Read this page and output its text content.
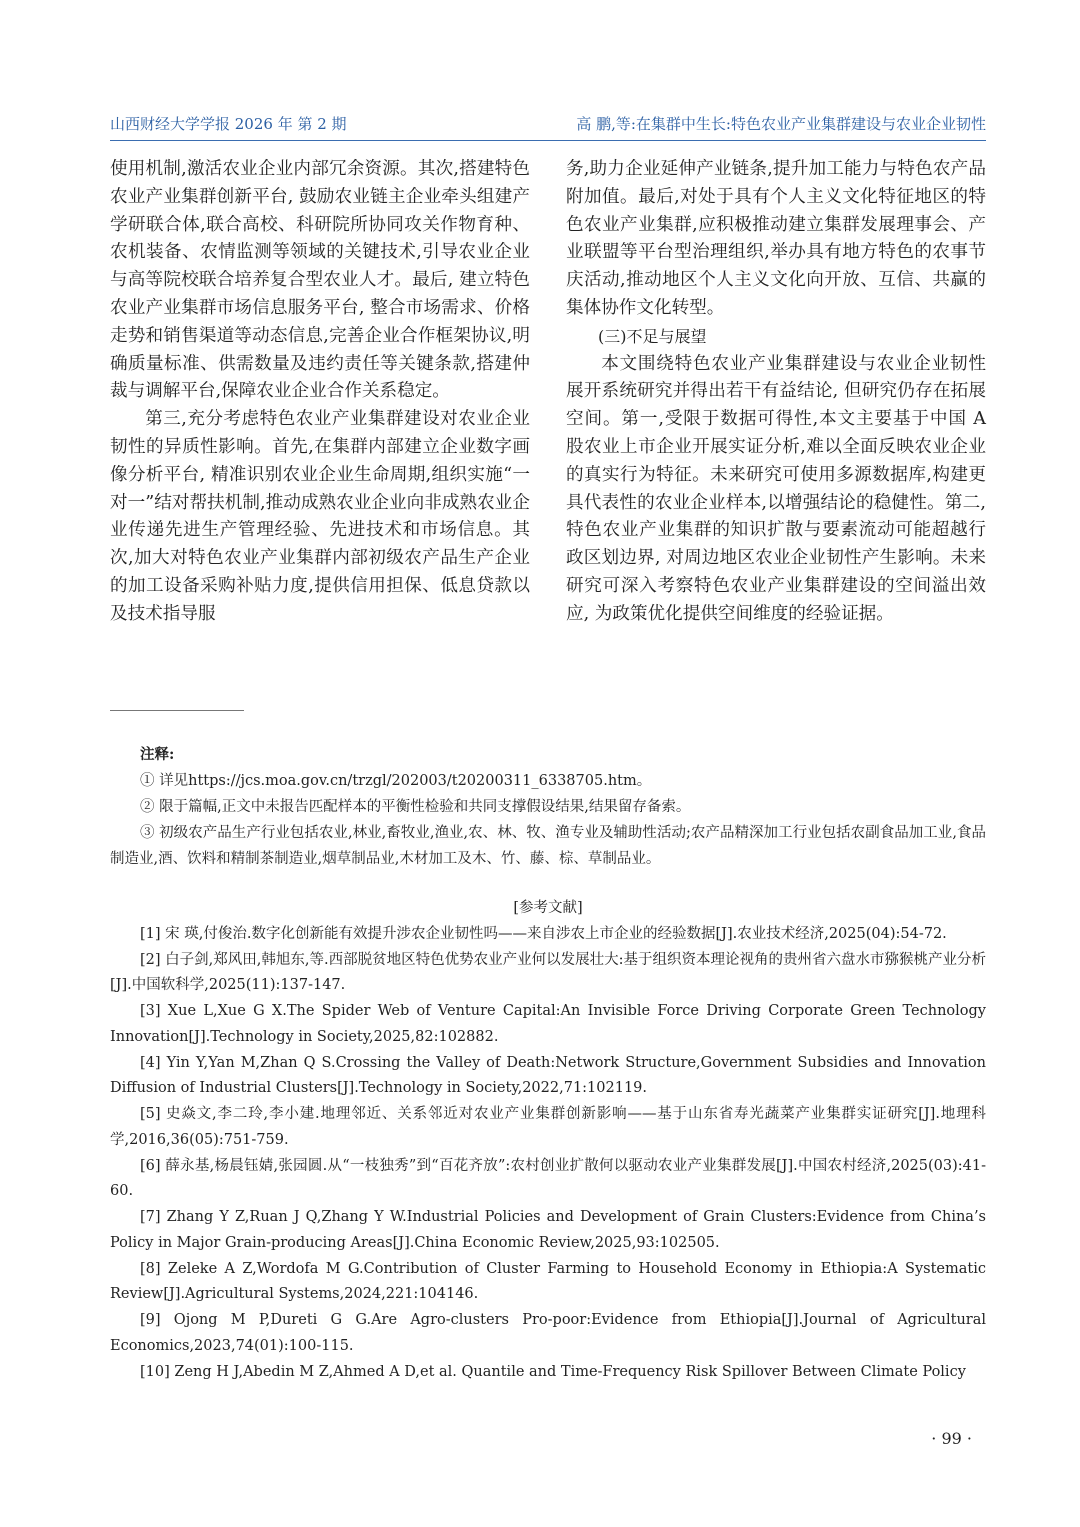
山西财经大学学报 2026 年 第 2 期	高 鹏,等:在集群中生长:特色农业产业集群建设与农业企业韧性

使用机制,激活农业企业内部冗余资源。其次,搭建特色农业产业集群创新平台, 鼓励农业链主企业牵头组建产学研联合体,联合高校、科研院所协同攻关作物育种、农机装备、农情监测等领域的关键技术,引导农业企业与高等院校联合培养复合型农业人才。最后, 建立特色农业产业集群市场信息服务平台, 整合市场需求、价格走势和销售渠道等动态信息,完善企业合作框架协议,明确质量标准、供需数量及违约责任等关键条款,搭建仲裁与调解平台,保障农业企业合作关系稳定。

第三,充分考虑特色农业产业集群建设对农业企业韧性的异质性影响。首先,在集群内部建立企业数字画像分析平台, 精准识别农业企业生命周期,组织实施“一对一”结对帮扶机制,推动成熟农业企业向非成熟农业企业传递先进生产管理经验、先进技术和市场信息。其次,加大对特色农业产业集群内部初级农产品生产企业的加工设备采购补贴力度,提供信用担保、低息贷款以及技术指导服

务,助力企业延伸产业链条,提升加工能力与特色农产品附加值。最后,对处于具有个人主义文化特征地区的特色农业产业集群,应积极推动建立集群发展理事会、产业联盟等平台型治理组织,举办具有地方特色的农事节庆活动,推动地区个人主义文化向开放、互信、共赢的集体协作文化转型。

(三)不足与展望

本文围绕特色农业产业集群建设与农业企业韧性展开系统研究并得出若干有益结论, 但研究仍存在拓展空间。第一,受限于数据可得性,本文主要基于中国 A 股农业上市企业开展实证分析,难以全面反映农业企业的真实行为特征。未来研究可使用多源数据库,构建更具代表性的农业企业样本,以增强结论的稳健性。第二,特色农业产业集群的知识扩散与要素流动可能超越行政区划边界, 对周边地区农业企业韧性产生影响。未来研究可深入考察特色农业产业集群建设的空间溢出效应, 为政策优化提供空间维度的经验证据。

注释:

① 详见https://jcs.moa.gov.cn/trzgl/202003/t20200311_6338705.htm。

② 限于篇幅,正文中未报告匹配样本的平衡性检验和共同支撑假设结果,结果留存备索。

③ 初级农产品生产行业包括农业,林业,畜牧业,渔业,农、林、牧、渔专业及辅助性活动;农产品精深加工行业包括农副食品加工业,食品制造业,酒、饮料和精制茶制造业,烟草制品业,木材加工及木、竹、藤、棕、草制品业。

[参考文献]

[1] 宋 瑛,付俊治.数字化创新能有效提升涉农企业韧性吗——来自涉农上市企业的经验数据[J].农业技术经济,2025(04):54-72.

[2] 白子剑,郑风田,韩旭东,等.西部脱贫地区特色优势农业产业何以发展壮大:基于组织资本理论视角的贵州省六盘水市猕猴桃产业分析[J].中国软科学,2025(11):137-147.

[3] Xue L,Xue G X.The Spider Web of Venture Capital:An Invisible Force Driving Corporate Green Technology Innovation[J].Technology in Society,2025,82:102882.

[4] Yin Y,Yan M,Zhan Q S.Crossing the Valley of Death:Network Structure,Government Subsidies and Innovation Diffusion of Industrial Clusters[J].Technology in Society,2022,71:102119.

[5] 史焱文,李二玲,李小建.地理邻近、关系邻近对农业产业集群创新影响——基于山东省寿光蔬菜产业集群实证研究[J].地理科学,2016,36(05):751-759.

[6] 薛永基,杨晨钰婧,张园圆.从“一枝独秀”到“百花齐放”:农村创业扩散何以驱动农业产业集群发展[J].中国农村经济,2025(03):41-60.

[7] Zhang Y Z,Ruan J Q,Zhang Y W.Industrial Policies and Development of Grain Clusters:Evidence from China’s Policy in Major Grain-producing Areas[J].China Economic Review,2025,93:102505.

[8] Zeleke A Z,Wordofa M G.Contribution of Cluster Farming to Household Economy in Ethiopia:A Systematic Review[J].Agricultural Systems,2024,221:104146.

[9] Ojong M P,Dureti G G.Are Agro-clusters Pro-poor:Evidence from Ethiopia[J].Journal of Agricultural Economics,2023,74(01):100-115.

[10] Zeng H J,Abedin M Z,Ahmed A D,et al. Quantile and Time-Frequency Risk Spillover Between Climate Policy

· 99 ·
